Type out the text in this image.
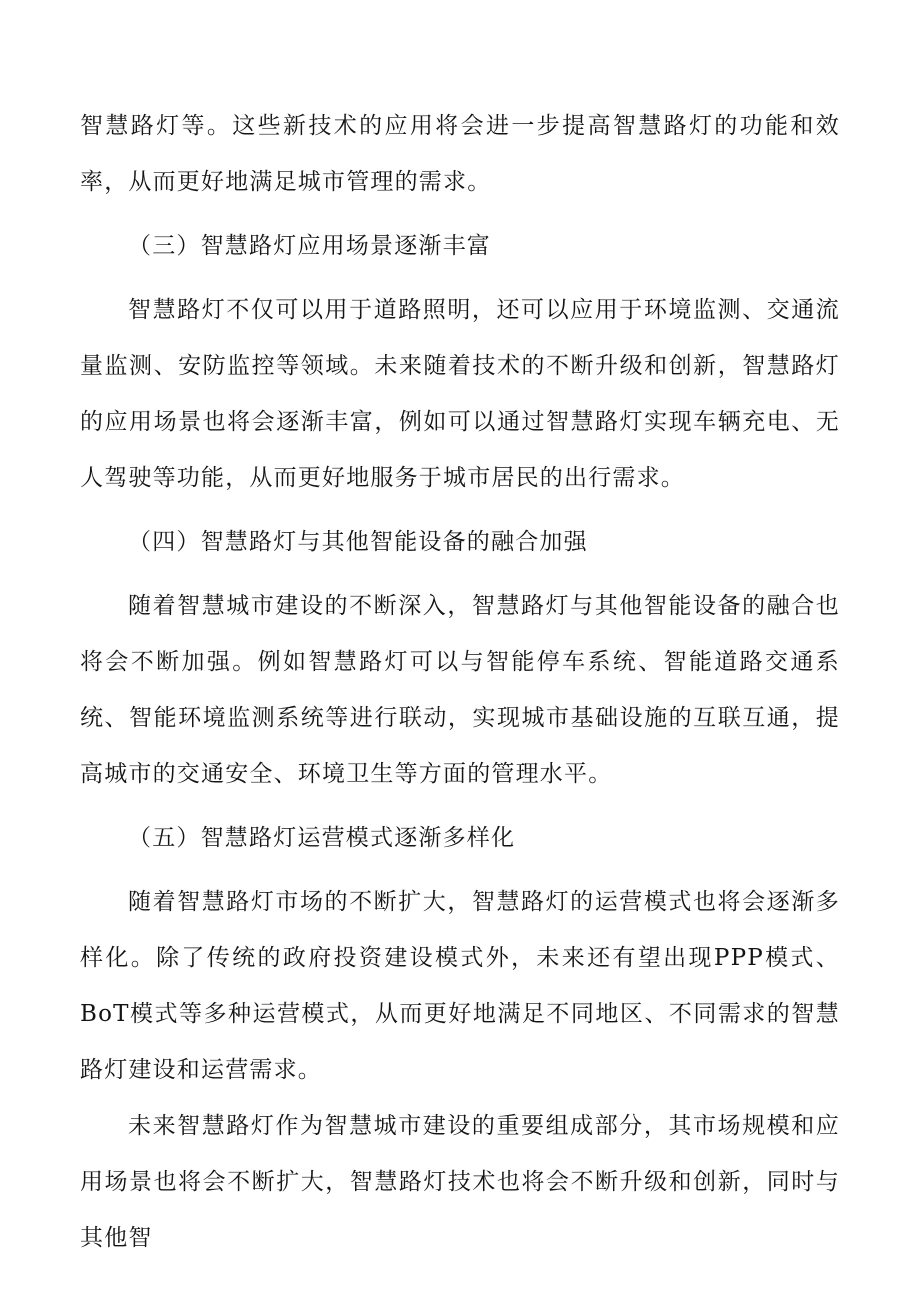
智慧路灯等。这些新技术的应用将会进一步提高智慧路灯的功能和效率，从而更好地满足城市管理的需求。

（三）智慧路灯应用场景逐渐丰富

智慧路灯不仅可以用于道路照明，还可以应用于环境监测、交通流量监测、安防监控等领域。未来随着技术的不断升级和创新，智慧路灯的应用场景也将会逐渐丰富，例如可以通过智慧路灯实现车辆充电、无人驾驶等功能，从而更好地服务于城市居民的出行需求。

（四）智慧路灯与其他智能设备的融合加强

随着智慧城市建设的不断深入，智慧路灯与其他智能设备的融合也将会不断加强。例如智慧路灯可以与智能停车系统、智能道路交通系统、智能环境监测系统等进行联动，实现城市基础设施的互联互通，提高城市的交通安全、环境卫生等方面的管理水平。

（五）智慧路灯运营模式逐渐多样化

随着智慧路灯市场的不断扩大，智慧路灯的运营模式也将会逐渐多样化。除了传统的政府投资建设模式外，未来还有望出现PPP模式、BoT模式等多种运营模式，从而更好地满足不同地区、不同需求的智慧路灯建设和运营需求。

未来智慧路灯作为智慧城市建设的重要组成部分，其市场规模和应用场景也将会不断扩大，智慧路灯技术也将会不断升级和创新，同时与其他智
